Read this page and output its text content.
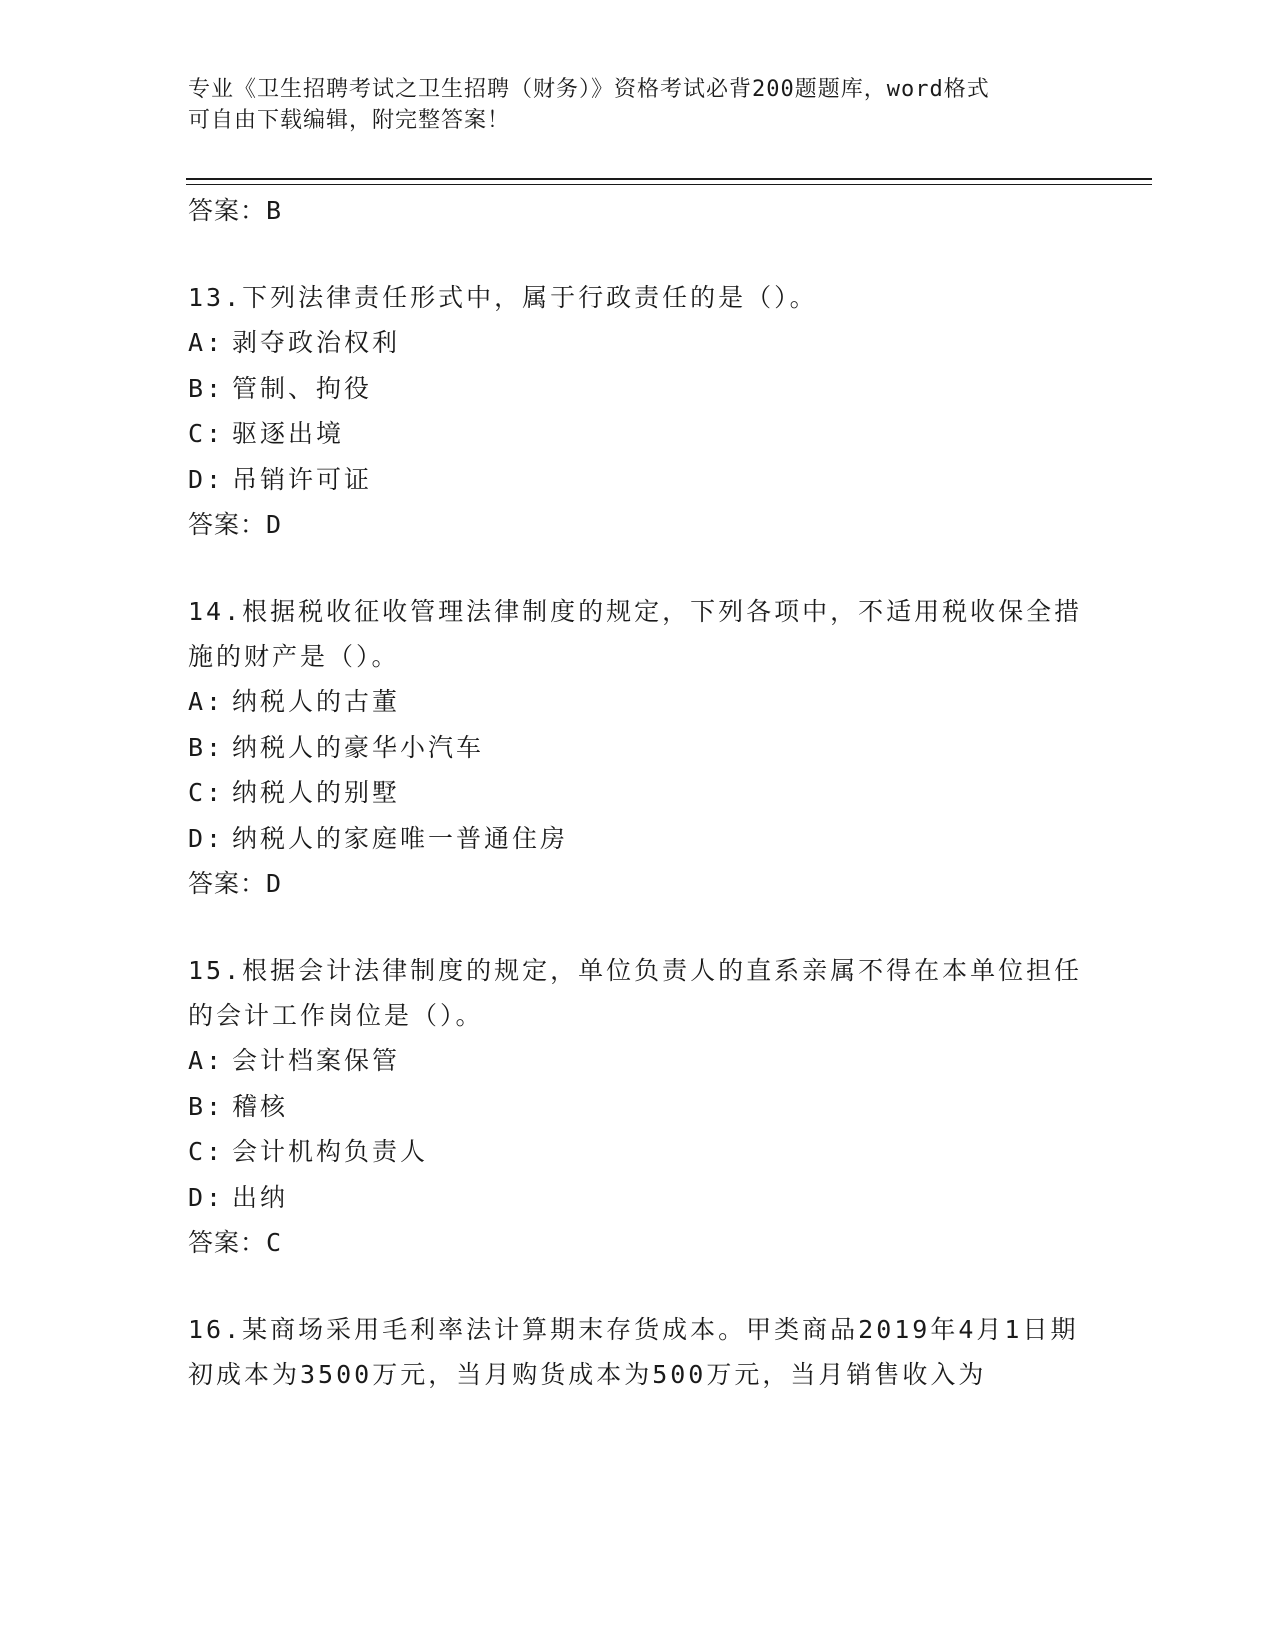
专业《卫生招聘考试之卫生招聘（财务）》资格考试必背200题题库，word格式
可自由下载编辑，附完整答案！
答案：B
13.下列法律责任形式中，属于行政责任的是（）。
A: 剥夺政治权利
B: 管制、拘役
C: 驱逐出境
D: 吊销许可证
答案：D
14.根据税收征收管理法律制度的规定，下列各项中，不适用税收保全措施的财产是（）。
A: 纳税人的古董
B: 纳税人的豪华小汽车
C: 纳税人的别墅
D: 纳税人的家庭唯一普通住房
答案：D
15.根据会计法律制度的规定，单位负责人的直系亲属不得在本单位担任的会计工作岗位是（）。
A: 会计档案保管
B: 稽核
C: 会计机构负责人
D: 出纳
答案：C
16.某商场采用毛利率法计算期末存货成本。甲类商品2019年4月1日期初成本为3500万元，当月购货成本为500万元，当月销售收入为
